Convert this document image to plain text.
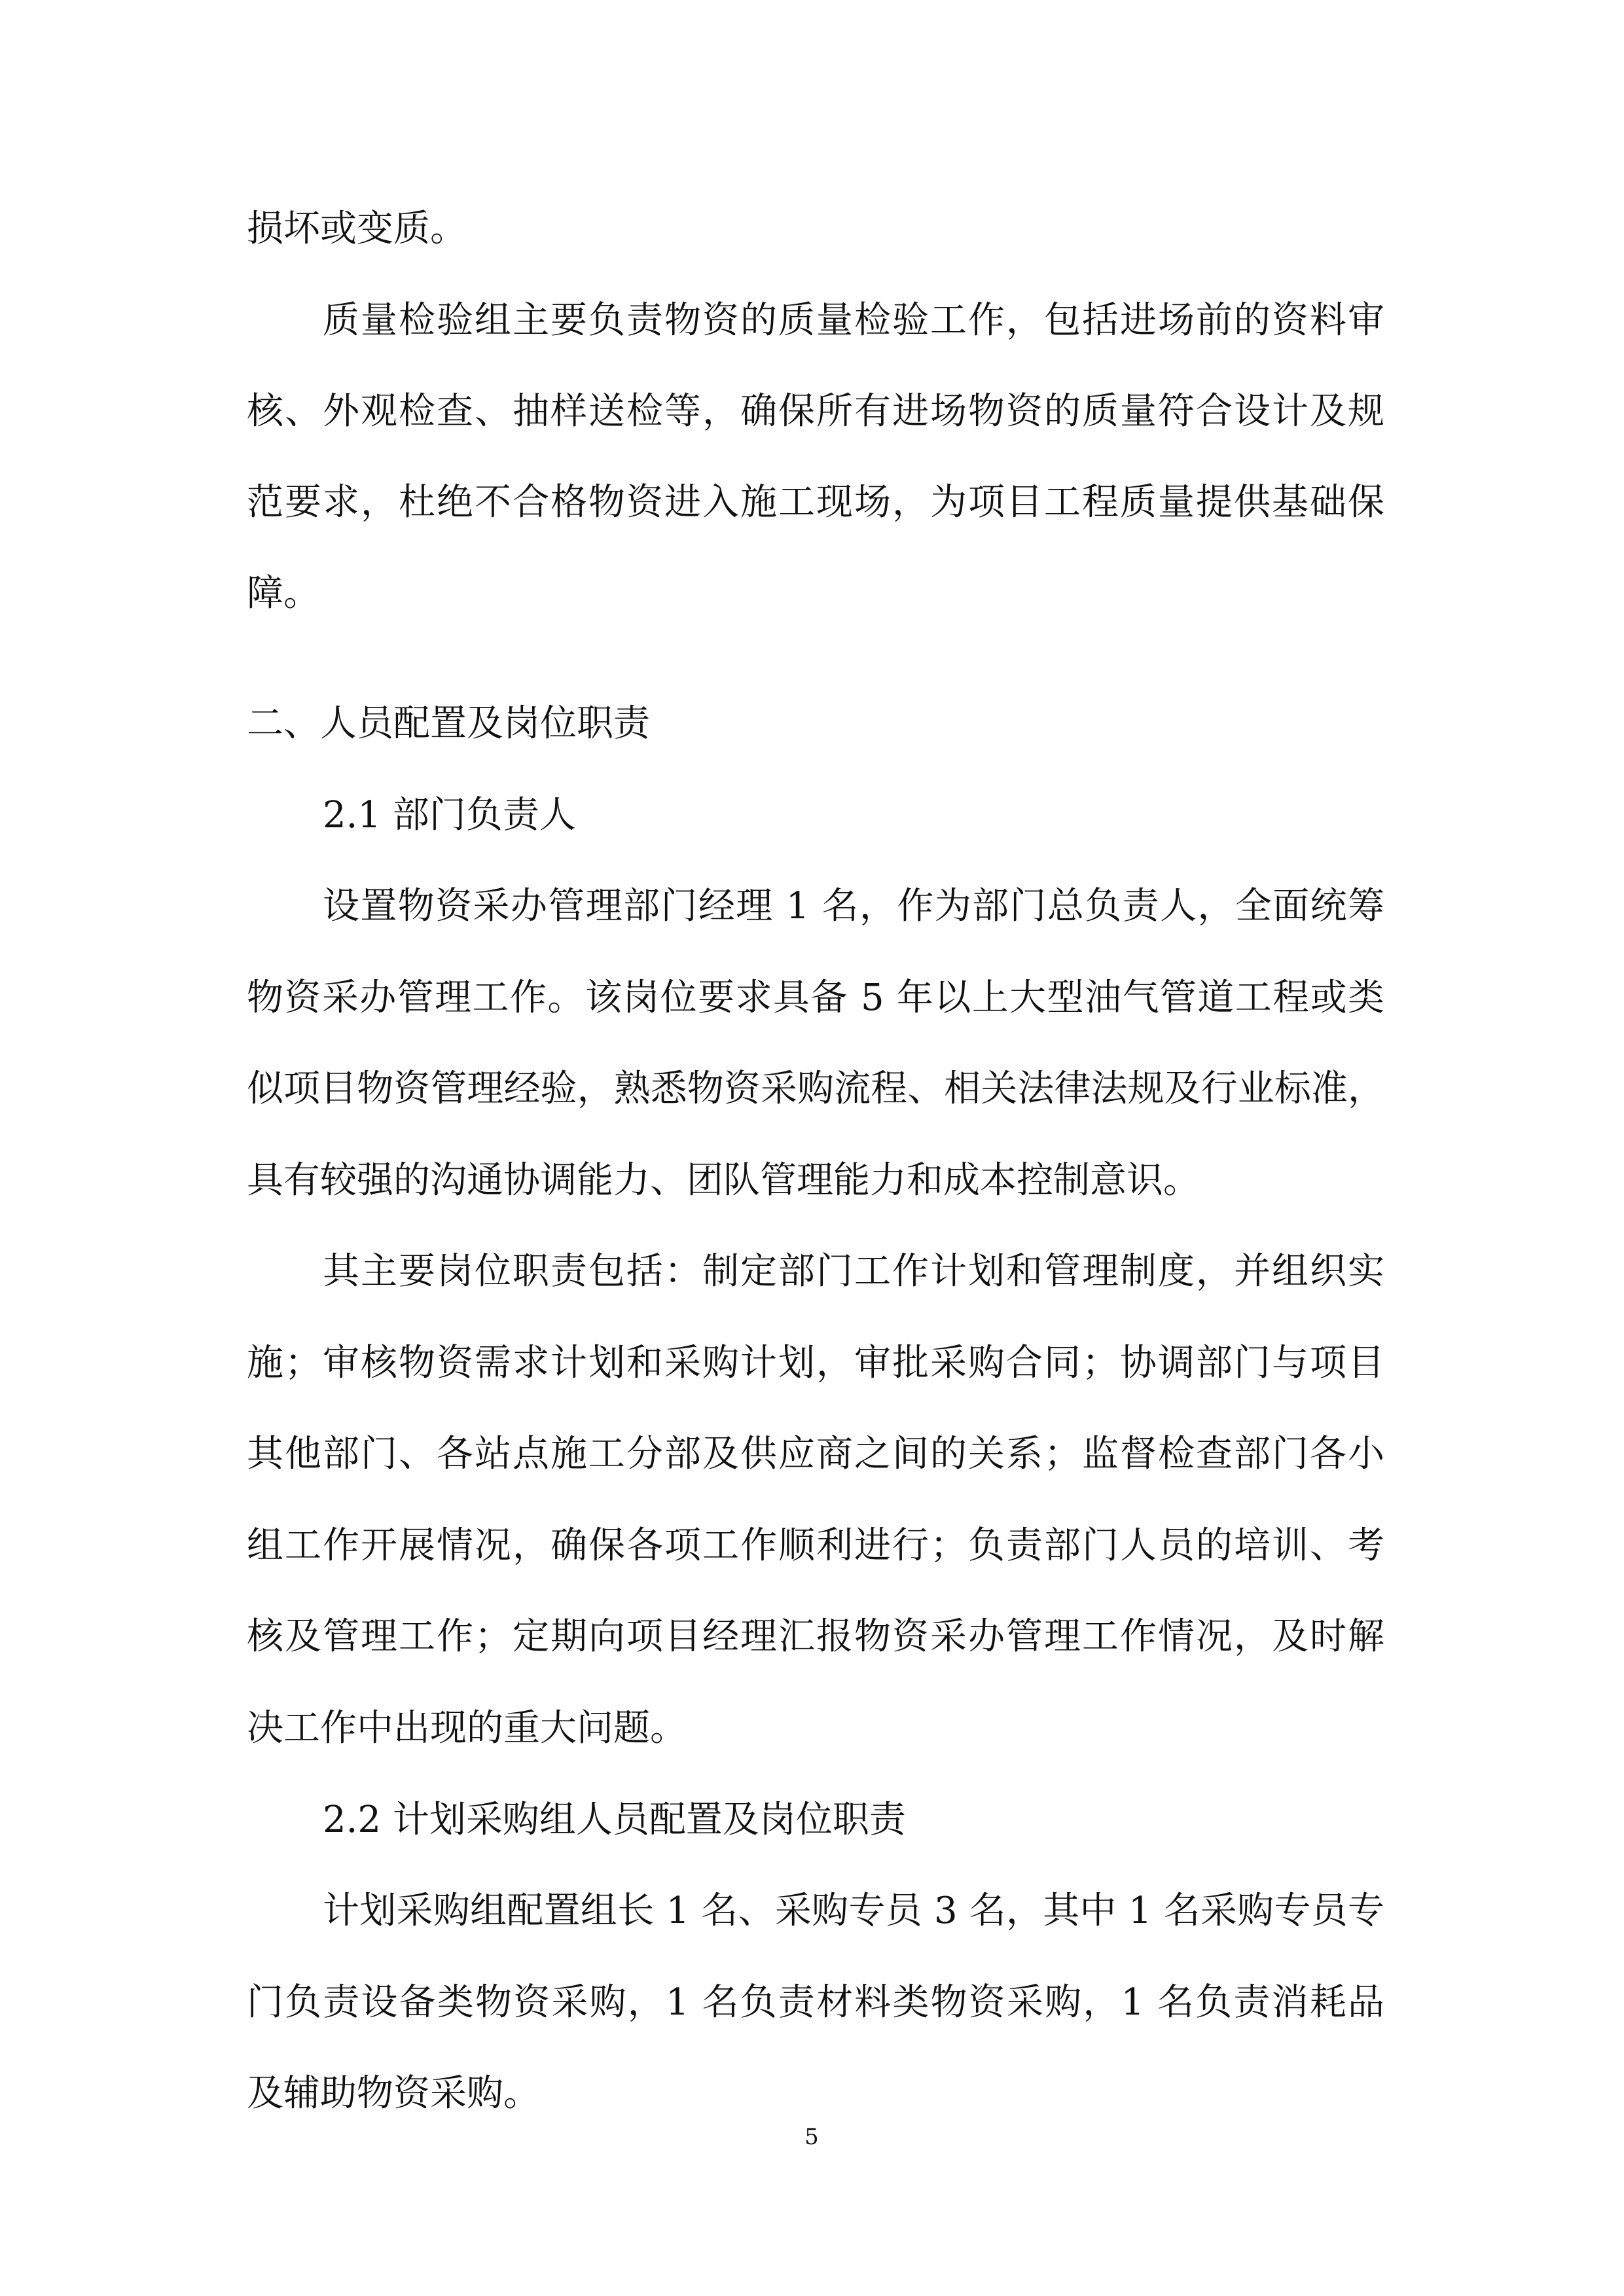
损坏或变质。
质量检验组主要负责物资的质量检验工作，包括进场前的资料审
核、外观检查、抽样送检等，确保所有进场物资的质量符合设计及规
范要求，杜绝不合格物资进入施工现场，为项目工程质量提供基础保
障。
二、人员配置及岗位职责
2.1 部门负责人
设置物资采办管理部门经理 1 名，作为部门总负责人，全面统筹
物资采办管理工作。该岗位要求具备 5 年以上大型油气管道工程或类
似项目物资管理经验，熟悉物资采购流程、相关法律法规及行业标准，
具有较强的沟通协调能力、团队管理能力和成本控制意识。
其主要岗位职责包括：制定部门工作计划和管理制度，并组织实
施；审核物资需求计划和采购计划，审批采购合同；协调部门与项目
其他部门、各站点施工分部及供应商之间的关系；监督检查部门各小
组工作开展情况，确保各项工作顺利进行；负责部门人员的培训、考
核及管理工作；定期向项目经理汇报物资采办管理工作情况，及时解
决工作中出现的重大问题。
2.2 计划采购组人员配置及岗位职责
计划采购组配置组长 1 名、采购专员 3 名，其中 1 名采购专员专
门负责设备类物资采购，1 名负责材料类物资采购，1 名负责消耗品
及辅助物资采购。
5
